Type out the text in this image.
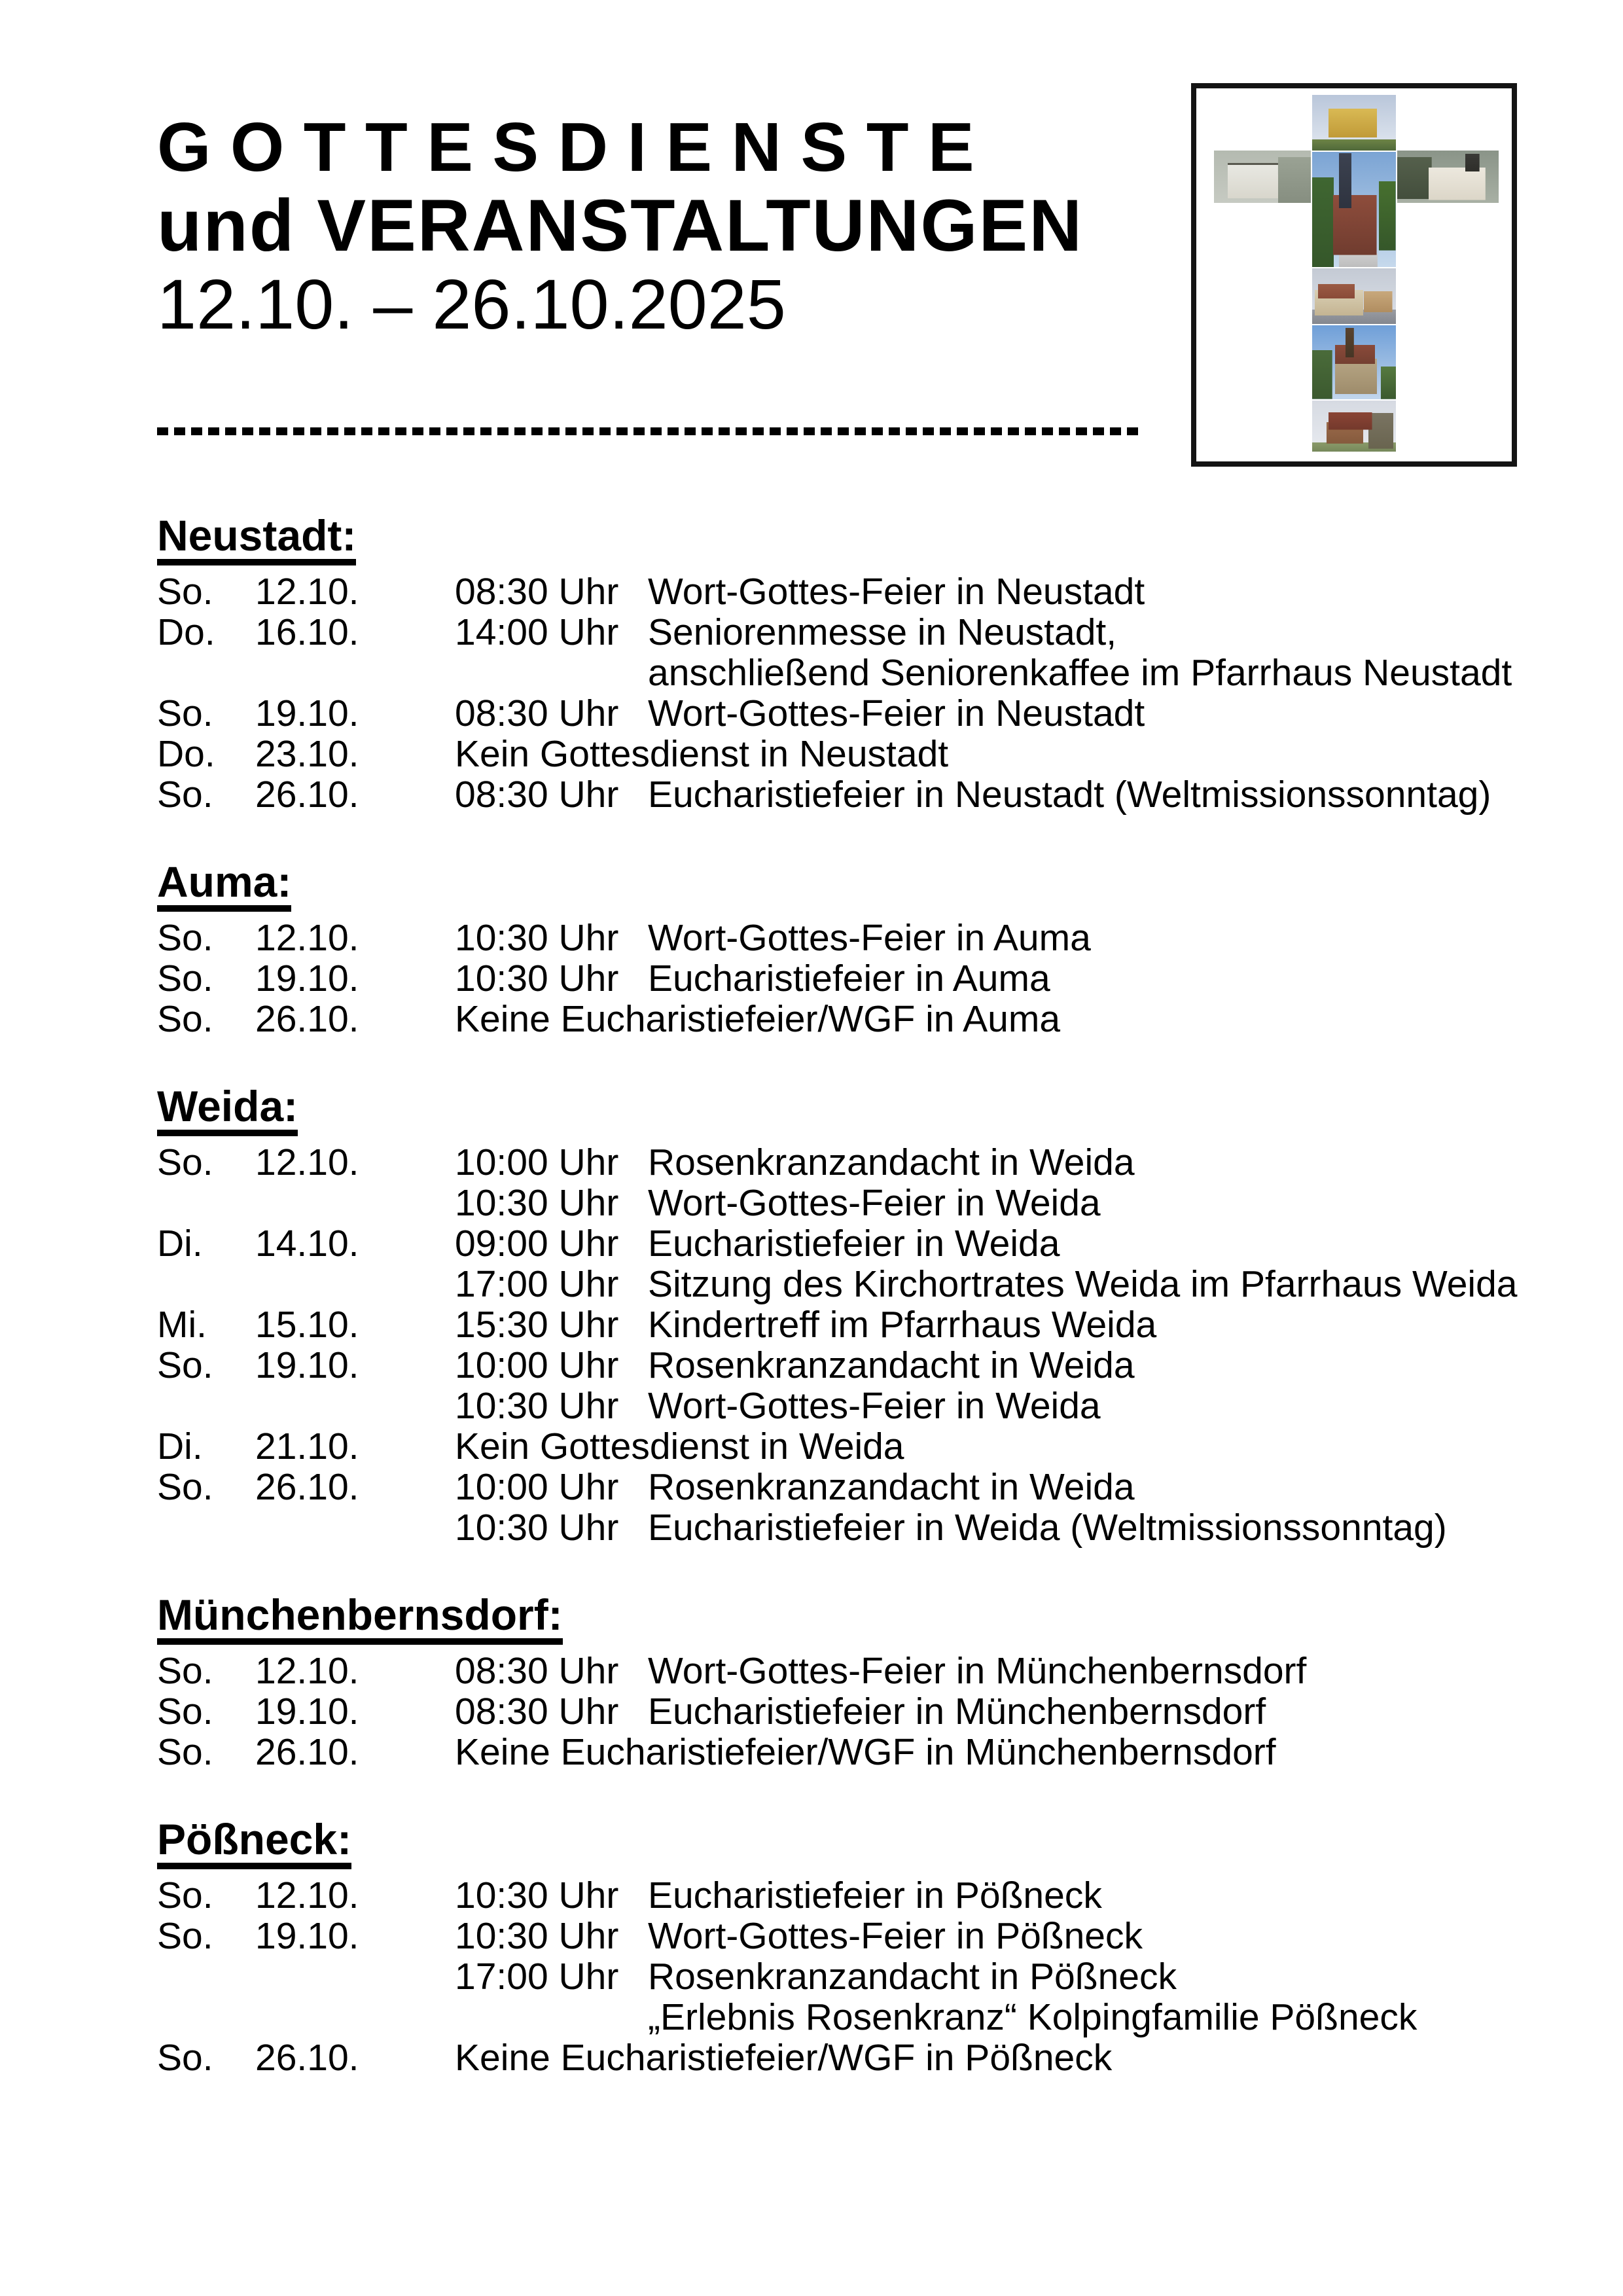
G O T T E S D I E N S T E
und VERANSTALTUNGEN
12.10. – 26.10.2025
Neustadt:
So.	12.10.	08:30 Uhr Wort-Gottes-Feier in Neustadt
Do.	16.10.	14:00 Uhr Seniorenmesse in Neustadt,
anschließend Seniorenkaffee im Pfarrhaus Neustadt
So.	19.10.	08:30 Uhr Wort-Gottes-Feier in Neustadt
Do.	23.10.	Kein Gottesdienst in Neustadt
So.	26.10.	08:30 Uhr Eucharistiefeier in Neustadt (Weltmissionssonntag)
Auma:
So.	12.10.	10:30 Uhr Wort-Gottes-Feier in Auma
So.	19.10.	10:30 Uhr Eucharistiefeier in Auma
So.	26.10.	Keine Eucharistiefeier/WGF in Auma
Weida:
So.	12.10.	10:00 Uhr Rosenkranzandacht in Weida
10:30 Uhr Wort-Gottes-Feier in Weida
Di.	14.10.	09:00 Uhr Eucharistiefeier in Weida
17:00 Uhr Sitzung des Kirchortrates Weida im Pfarrhaus Weida
Mi.	15.10.	15:30 Uhr Kindertreff im Pfarrhaus Weida
So.	19.10.	10:00 Uhr Rosenkranzandacht in Weida
10:30 Uhr Wort-Gottes-Feier in Weida
Di.	21.10.	Kein Gottesdienst in Weida
So.	26.10.	10:00 Uhr Rosenkranzandacht in Weida
10:30 Uhr Eucharistiefeier in Weida (Weltmissionssonntag)
Münchenbernsdorf:
So.	12.10.	08:30 Uhr Wort-Gottes-Feier in Münchenbernsdorf
So.	19.10.	08:30 Uhr Eucharistiefeier in Münchenbernsdorf
So.	26.10.	Keine Eucharistiefeier/WGF in Münchenbernsdorf
Pößneck:
So.	12.10.	10:30 Uhr Eucharistiefeier in Pößneck
So.	19.10.	10:30 Uhr Wort-Gottes-Feier in Pößneck
17:00 Uhr Rosenkranzandacht in Pößneck
„Erlebnis Rosenkranz“ Kolpingfamilie Pößneck
So.	26.10.	Keine Eucharistiefeier/WGF in Pößneck
